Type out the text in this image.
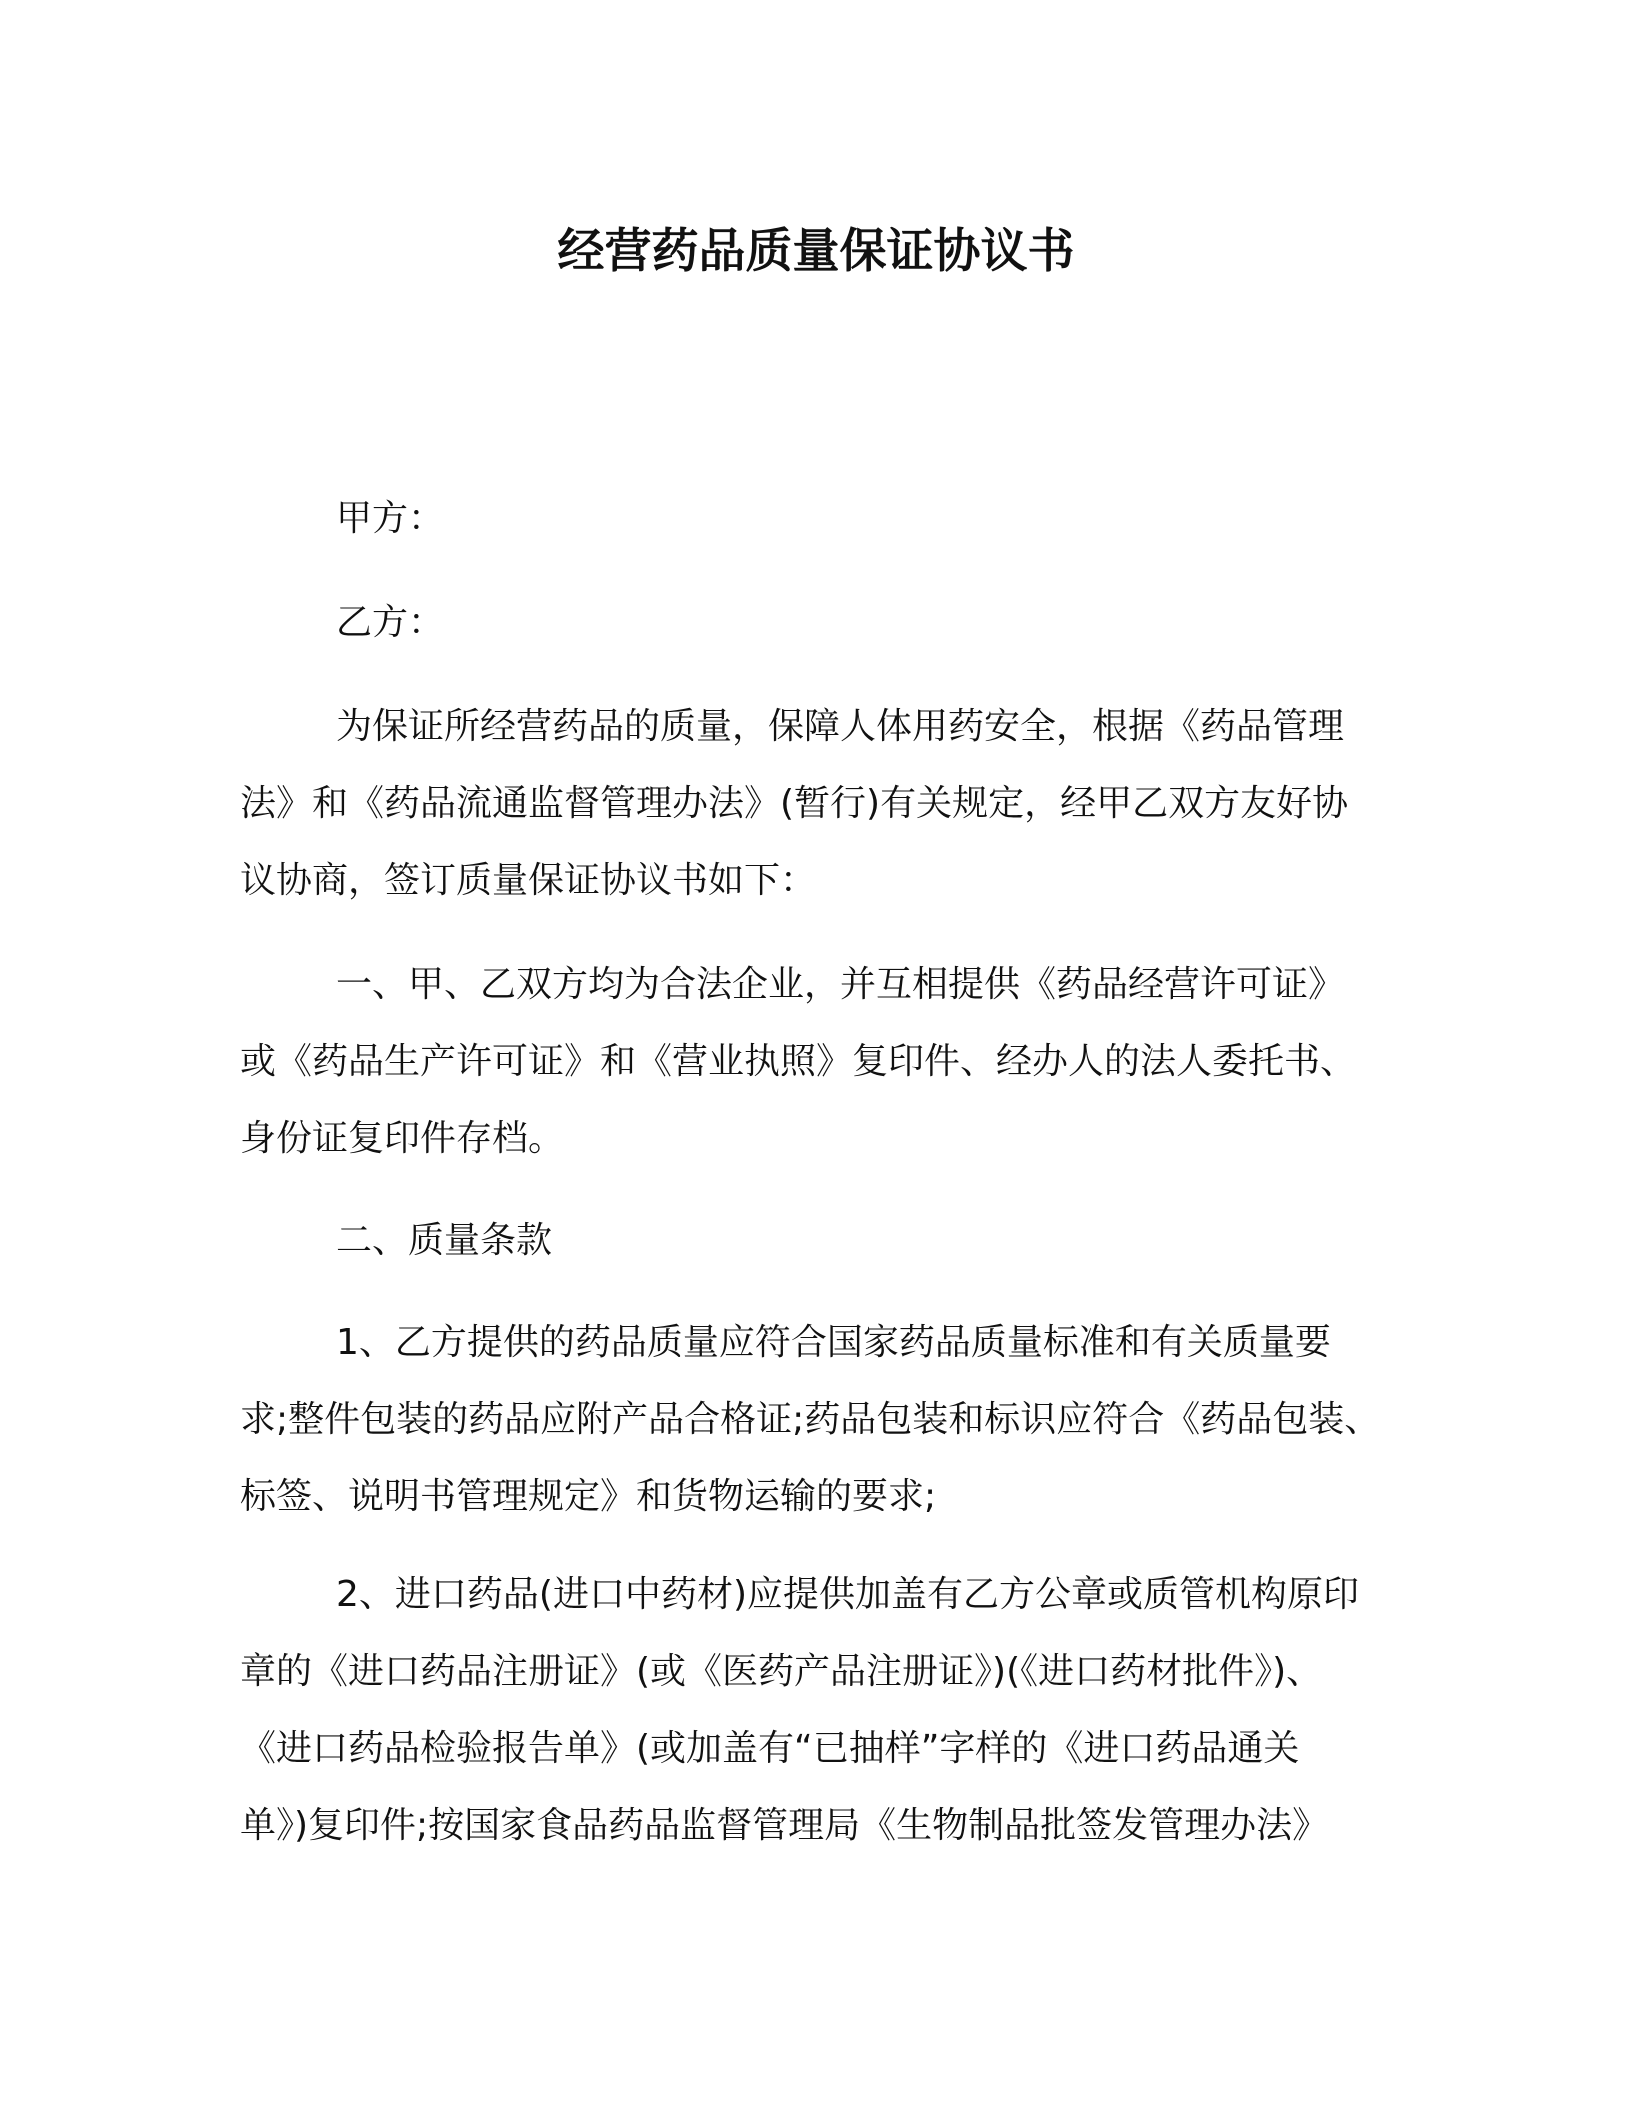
经营药品质量保证协议书

甲方：

乙方：

为保证所经营药品的质量，保障人体用药安全，根据《药品管理
法》和《药品流通监督管理办法》(暂行)有关规定，经甲乙双方友好协
议协商，签订质量保证协议书如下：
一、甲、乙双方均为合法企业，并互相提供《药品经营许可证》
或《药品生产许可证》和《营业执照》复印件、经办人的法人委托书、
身份证复印件存档。

二、质量条款

1、乙方提供的药品质量应符合国家药品质量标准和有关质量要
求;整件包装的药品应附产品合格证;药品包装和标识应符合《药品包装、
标签、说明书管理规定》和货物运输的要求;
2、进口药品(进口中药材)应提供加盖有乙方公章或质管机构原印
章的《进口药品注册证》(或《医药产品注册证》)(《进口药材批件》)、
《进口药品检验报告单》(或加盖有“已抽样”字样的《进口药品通关
单》)复印件;按国家食品药品监督管理局《生物制品批签发管理办法》
